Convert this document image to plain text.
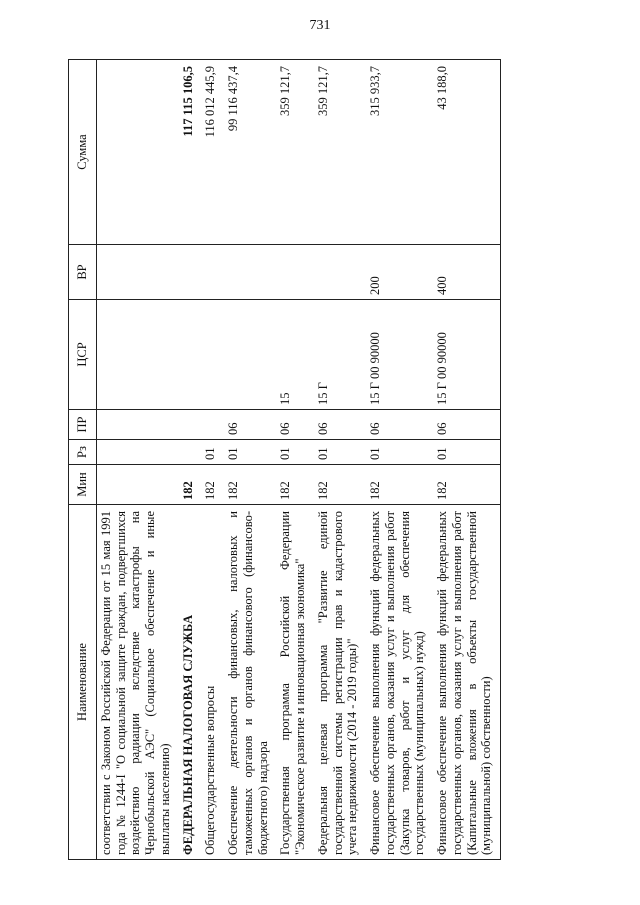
731
Наименование	Мин	Рз	ПР	ЦСР	ВР	Сумма
соответствии с Законом Российской Федерации от 15 мая 1991 года № 1244-I "О социальной защите граждан, подвергшихся воздействию радиации вследствие катастрофы на Чернобыльской АЭС" (Социальное обеспечение и иные выплаты населению)						
ФЕДЕРАЛЬНАЯ НАЛОГОВАЯ СЛУЖБА	182					117 115 106,5
Общегосударственные вопросы	182	01				116 012 445,9
Обеспечение деятельности финансовых, налоговых и таможенных органов и органов финансового (финансово-бюджетного) надзора	182	01	06			99 116 437,4
Государственная программа Российской Федерации "Экономическое развитие и инновационная экономика"	182	01	06	15		359 121,7
Федеральная целевая программа "Развитие единой государственной системы регистрации прав и кадастрового учета недвижимости (2014 - 2019 годы)"	182	01	06	15 Г		359 121,7
Финансовое обеспечение выполнения функций федеральных государственных органов, оказания услуг и выполнения работ (Закупка товаров, работ и услуг для обеспечения государственных (муниципальных) нужд)	182	01	06	15 Г 00 90000	200	315 933,7
Финансовое обеспечение выполнения функций федеральных государственных органов, оказания услуг и выполнения работ (Капитальные вложения в объекты государственной (муниципальной) собственности)	182	01	06	15 Г 00 90000	400	43 188,0
